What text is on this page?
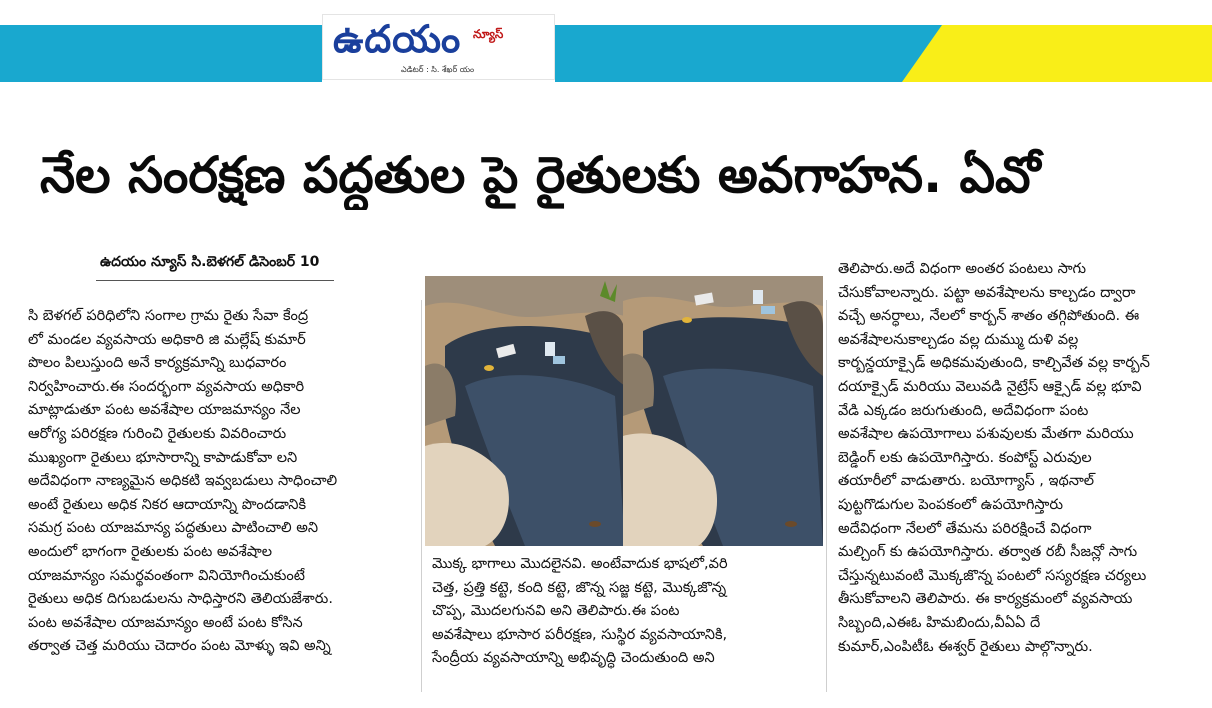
ఉదయం న్యూస్
ఎడిటర్ : సి. శేఖర్ యం
నేల సంరక్షణ పద్ధతుల పై రైతులకు అవగాహన. ఏవో
ఉదయం న్యూస్ సి.బెళగల్ డిసెంబర్ 10

సి బెళగల్ పరిధిలోని సంగాల గ్రామ రైతు సేవా కేంద్ర

లో మండల వ్యవసాయ అధికారి జి మల్లేష్ కుమార్

పొలం పిలుస్తుంది అనే కార్యక్రమాన్ని బుధవారం

నిర్వహించారు.ఈ సందర్భంగా వ్యవసాయ అధికారి

మాట్లాడుతూ పంట అవశేషాల యాజమాన్యం నేల

ఆరోగ్య పరిరక్షణ గురించి రైతులకు వివరించారు

ముఖ్యంగా రైతులు భూసారాన్ని కాపాడుకోవా లని

అదేవిధంగా నాణ్యమైన అధికటి ఇవ్వబడులు సాధించాలి

అంటే రైతులు అధిక నికర ఆదాయాన్ని పొందడానికి

సమగ్ర పంట యాజమాన్య పద్ధతులు పాటించాలి అని

అందులో భాగంగా రైతులకు పంట అవశేషాల

యాజమాన్యం సమర్థవంతంగా వినియోగించుకుంటే

రైతులు అధిక దిగుబడులను సాధిస్తారని తెలియజేశారు.

పంట అవశేషాల యాజమాన్యం అంటే పంట కోసిన

తర్వాత చెత్త మరియు చెదారం పంట మోళ్ళు ఇవి అన్ని

మొక్క భాగాలు మొదలైనవి. అంటేవాదుక భాషలో,వరి

చెత్త, ప్రత్తి కట్టె, కంది కట్టె, జొన్న సజ్జ కట్టె, మొక్కజొన్న

చొప్ప, మొదలగునవి అని తెలిపారు.ఈ పంట

అవశేషాలు భూసార పరీరక్షణ, సుస్థిర వ్యవసాయానికి,

సేంద్రీయ వ్యవసాయాన్ని అభివృద్ధి చెందుతుంది అని

తెలిపారు.అదే విధంగా అంతర పంటలు సాగు

చేసుకోవాలన్నారు. పట్టా అవశేషాలను కాల్చడం ద్వారా

వచ్చే అనర్ధాలు, నేలలో కార్బన్ శాతం తగ్గిపోతుంది. ఈ

అవశేషాలనుకాల్చడం వల్ల దుమ్ము దుళి వల్ల

కార్బన్డయాక్సైడ్ అధికమవుతుంది, కాల్చివేత వల్ల కార్బన్

దయాక్సైడ్ మరియు వెలువడి నైట్రేస్ ఆక్సైడ్ వల్ల భూవి

వేడి ఎక్కడం జరుగుతుంది, అదేవిధంగా పంట

అవశేషాల ఉపయోగాలు పశువులకు మేతగా మరియు

బెడ్డింగ్ లకు ఉపయోగిస్తారు. కంపోస్ట్ ఎరువుల

తయారీలో వాడుతారు. బయోగ్యాస్ , ఇథనాల్

పుట్టగొడుగుల పెంపకంలో ఉపయోగిస్తారు

అదేవిధంగా నేలలో తేమను పరిరక్షించే విధంగా

మల్చింగ్ కు ఉపయోగిస్తారు. తర్వాత రబీ సీజన్లో సాగు

చేస్తున్నటువంటి మొక్కజొన్న పంటలో సస్యరక్షణ చర్యలు

తీసుకోవాలని తెలిపారు. ఈ కార్యక్రమంలో వ్యవసాయ

సిబ్బంది,ఎఈఓ హిమబిందు,వీఏఏ దే

కుమార్,ఎంపిటీఓ ఈశ్వర్ రైతులు పాల్గొన్నారు.
